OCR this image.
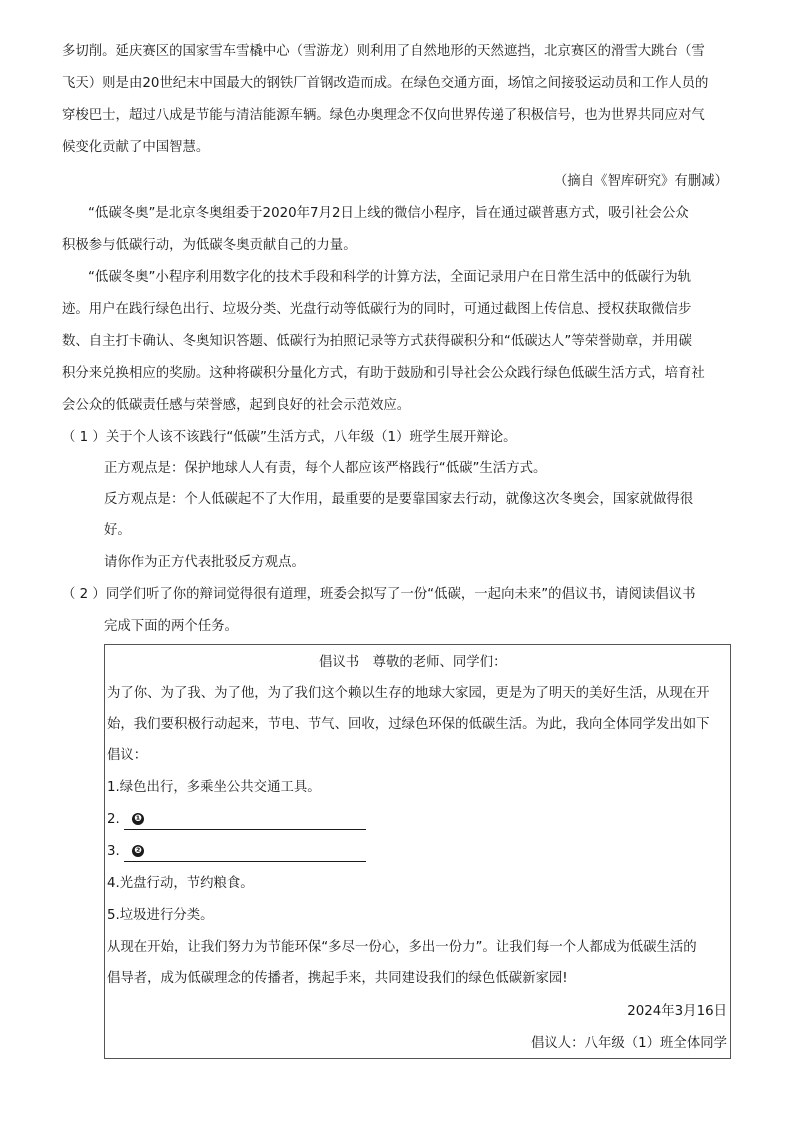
多切削。延庆赛区的国家雪车雪橇中心（雪游龙）则利用了自然地形的天然遮挡，北京赛区的滑雪大跳台（雪
飞天）则是由20世纪末中国最大的钢铁厂首钢改造而成。在绿色交通方面，场馆之间接驳运动员和工作人员的
穿梭巴士，超过八成是节能与清洁能源车辆。绿色办奥理念不仅向世界传递了积极信号，也为世界共同应对气
候变化贡献了中国智慧。
（摘自《智库研究》有删减）
“低碳冬奥”是北京冬奥组委于2020年7月2日上线的微信小程序，旨在通过碳普惠方式，吸引社会公众
积极参与低碳行动，为低碳冬奥贡献自己的力量。
“低碳冬奥”小程序利用数字化的技术手段和科学的计算方法，全面记录用户在日常生活中的低碳行为轨
迹。用户在践行绿色出行、垃圾分类、光盘行动等低碳行为的同时，可通过截图上传信息、授权获取微信步
数、自主打卡确认、冬奥知识答题、低碳行为拍照记录等方式获得碳积分和“低碳达人”等荣誉勋章，并用碳
积分来兑换相应的奖励。这种将碳积分量化方式，有助于鼓励和引导社会公众践行绿色低碳生活方式，培育社
会公众的低碳责任感与荣誉感，起到良好的社会示范效应。
（ 1 ）关于个人该不该践行“低碳”生活方式，八年级（1）班学生展开辩论。
正方观点是：保护地球人人有责，每个人都应该严格践行“低碳”生活方式。
反方观点是：个人低碳起不了大作用，最重要的是要靠国家去行动，就像这次冬奥会，国家就做得很
好。
请你作为正方代表批驳反方观点。
（ 2 ）同学们听了你的辩词觉得很有道理，班委会拟写了一份“低碳，一起向未来”的倡议书，请阅读倡议书
完成下面的两个任务。
倡议书　尊敬的老师、同学们：
为了你、为了我、为了他，为了我们这个赖以生存的地球大家园，更是为了明天的美好生活，从现在开
始，我们要积极行动起来，节电、节气、回收，过绿色环保的低碳生活。为此，我向全体同学发出如下
倡议：
1.绿色出行，多乘坐公共交通工具。
2. ❶
3. ❷
4.光盘行动，节约粮食。
5.垃圾进行分类。
从现在开始，让我们努力为节能环保“多尽一份心，多出一份力”。让我们每一个人都成为低碳生活的
倡导者，成为低碳理念的传播者，携起手来，共同建设我们的绿色低碳新家园!
2024年3月16日
倡议人：八年级（1）班全体同学
